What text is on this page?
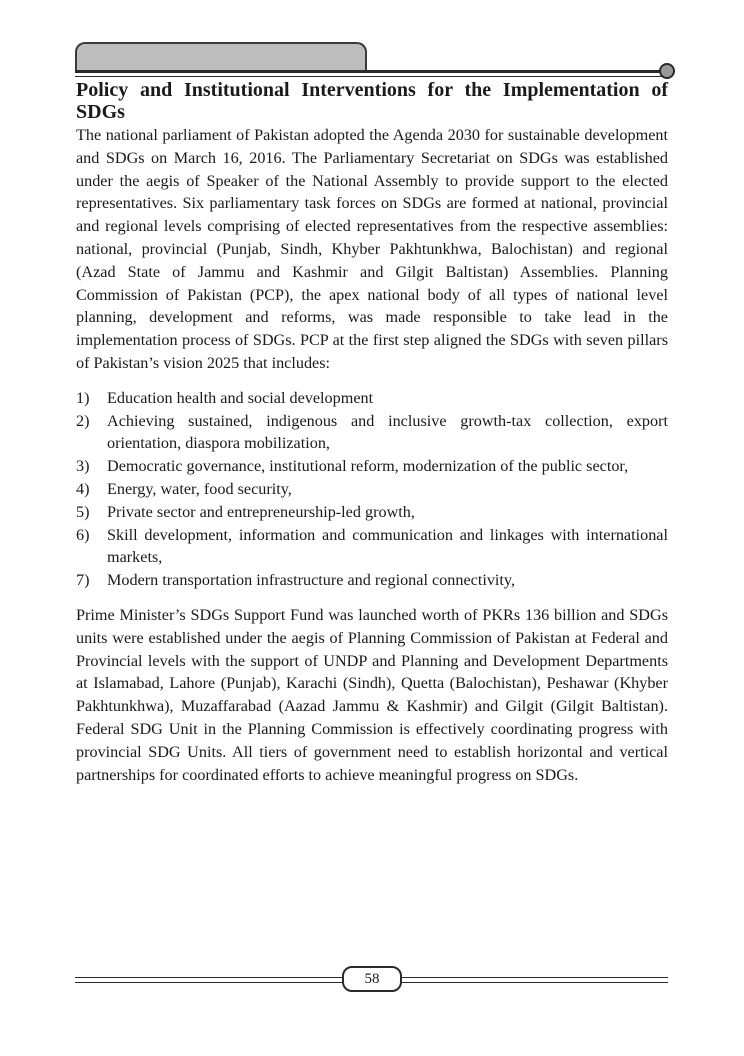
Policy and Institutional Interventions for the Implementation of SDGs

The national parliament of Pakistan adopted the Agenda 2030 for sustainable development and SDGs on March 16, 2016. The Parliamentary Secretariat on SDGs was established under the aegis of Speaker of the National Assembly to provide support to the elected representatives. Six parliamentary task forces on SDGs are formed at national, provincial and regional levels comprising of elected representatives from the respective assemblies: national, provincial (Punjab, Sindh, Khyber Pakhtunkhwa, Balochistan) and regional (Azad State of Jammu and Kashmir and Gilgit Baltistan) Assemblies. Planning Commission of Pakistan (PCP), the apex national body of all types of national level planning, development and reforms, was made responsible to take lead in the implementation process of SDGs. PCP at the first step aligned the SDGs with seven pillars of Pakistan’s vision 2025 that includes:

1)	Education health and social development
2)	Achieving sustained, indigenous and inclusive growth-tax collection, export orientation, diaspora mobilization,
3)	Democratic governance, institutional reform, modernization of the public sector,
4)	Energy, water, food security,
5)	Private sector and entrepreneurship-led growth,
6)	Skill development, information and communication and linkages with international markets,
7)	Modern transportation infrastructure and regional connectivity,

Prime Minister’s SDGs Support Fund was launched worth of PKRs 136 billion and SDGs units were established under the aegis of Planning Commission of Pakistan at Federal and Provincial levels with the support of UNDP and Planning and Development Departments at Islamabad, Lahore (Punjab), Karachi (Sindh), Quetta (Balochistan), Peshawar (Khyber Pakhtunkhwa), Muzaffarabad (Aazad Jammu & Kashmir) and Gilgit (Gilgit Baltistan). Federal SDG Unit in the Planning Commission is effectively coordinating progress with provincial SDG Units. All tiers of government need to establish horizontal and vertical partnerships for coordinated efforts to achieve meaningful progress on SDGs.

58
